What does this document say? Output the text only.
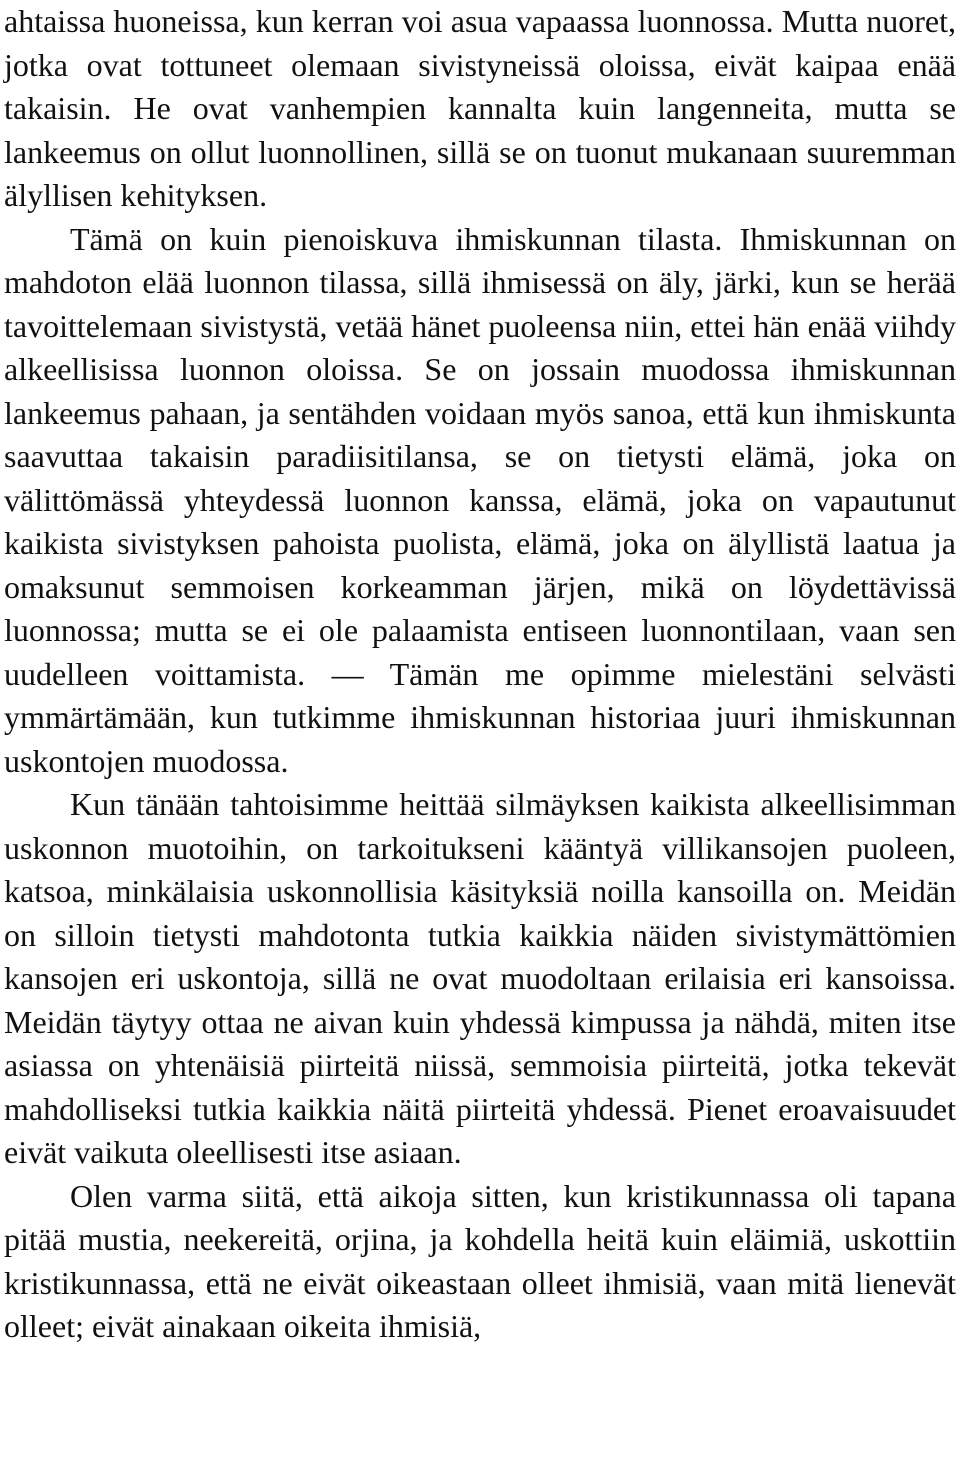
ahtaissa huoneissa, kun kerran voi asua vapaassa luonnossa. Mutta nuoret, jotka ovat tottuneet olemaan sivistyneissä oloissa, eivät kaipaa enää takaisin. He ovat vanhempien kannalta kuin langenneita, mutta se lankeemus on ollut luonnollinen, sillä se on tuonut mukanaan suuremman älyllisen kehityksen.

Tämä on kuin pienoiskuva ihmiskunnan tilasta. Ihmiskunnan on mahdoton elää luonnon tilassa, sillä ihmisessä on äly, järki, kun se herää tavoittelemaan sivistystä, vetää hänet puoleensa niin, ettei hän enää viihdy alkeellisissa luonnon oloissa. Se on jossain muodossa ihmiskunnan lankeemus pahaan, ja sentähden voidaan myös sanoa, että kun ihmiskunta saavuttaa takaisin paradiisitilansa, se on tietysti elämä, joka on välittömässä yhteydessä luonnon kanssa, elämä, joka on vapautunut kaikista sivistyksen pahoista puolista, elämä, joka on älyllistä laatua ja omaksunut semmoisen korkeamman järjen, mikä on löydettävissä luonnossa; mutta se ei ole palaamista entiseen luonnontilaan, vaan sen uudelleen voittamista. — Tämän me opimme mielestäni selvästi ymmärtämään, kun tutkimme ihmiskunnan historiaa juuri ihmiskunnan uskontojen muodossa.

Kun tänään tahtoisimme heittää silmäyksen kaikista alkeellisimman uskonnon muotoihin, on tarkoitukseni kääntyä villikansojen puoleen, katsoa, minkälaisia uskonnollisia käsityksiä noilla kansoilla on. Meidän on silloin tietysti mahdotonta tutkia kaikkia näiden sivistymättömien kansojen eri uskontoja, sillä ne ovat muodoltaan erilaisia eri kansoissa. Meidän täytyy ottaa ne aivan kuin yhdessä kimpussa ja nähdä, miten itse asiassa on yhtenäisiä piirteitä niissä, semmoisia piirteitä, jotka tekevät mahdolliseksi tutkia kaikkia näitä piirteitä yhdessä. Pienet eroavaisuudet eivät vaikuta oleellisesti itse asiaan.

Olen varma siitä, että aikoja sitten, kun kristikunnassa oli tapana pitää mustia, neekereitä, orjina, ja kohdella heitä kuin eläimiä, uskottiin kristikunnassa, että ne eivät oikeastaan olleet ihmisiä, vaan mitä lienevät olleet; eivät ainakaan oikeita ihmisiä,
